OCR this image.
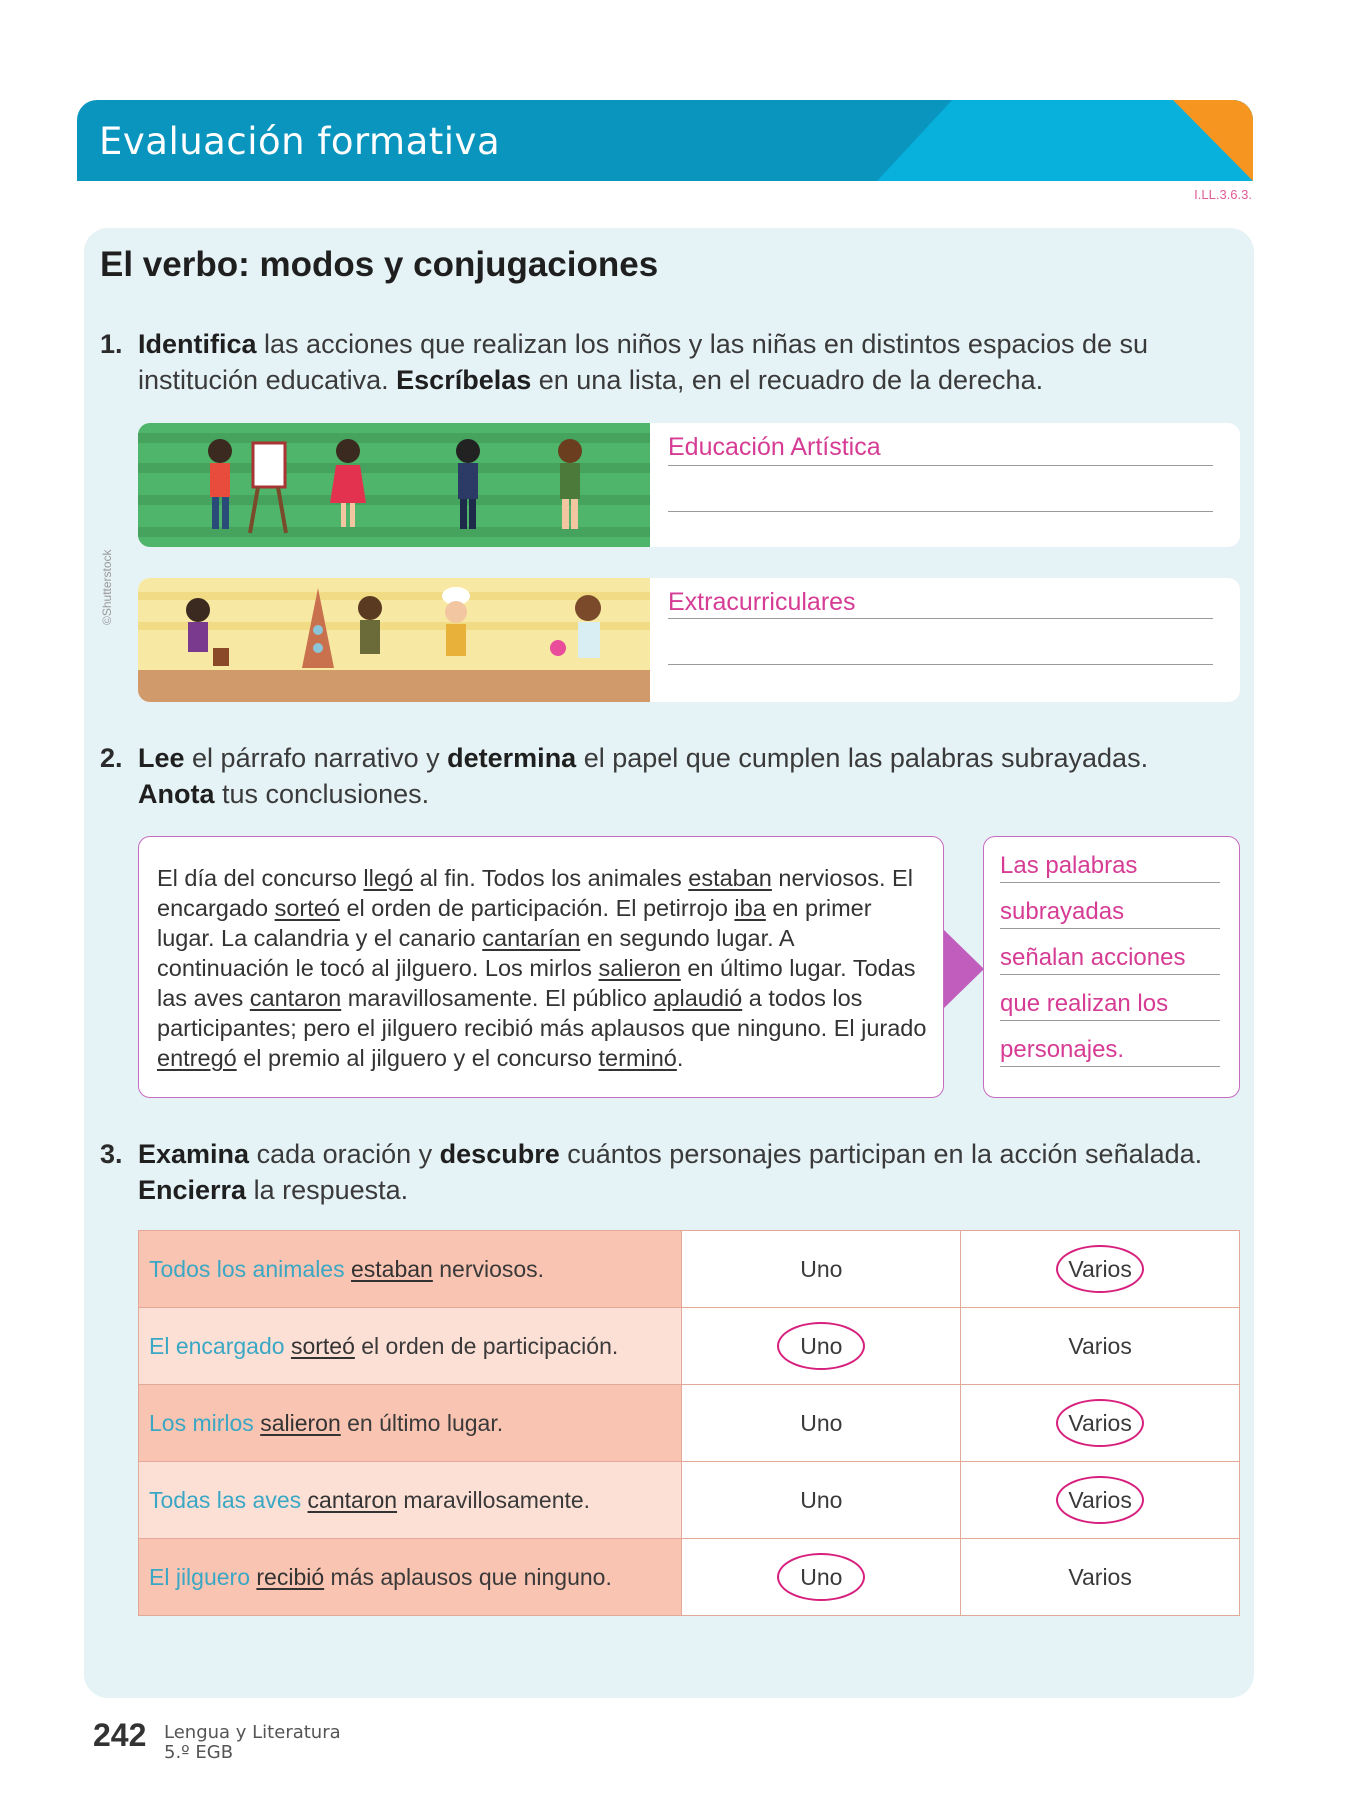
Evaluación formativa
DUA
Acción y expresión
I.LL.3.6.3.
El verbo: modos y conjugaciones
1. Identifica las acciones que realizan los niños y las niñas en distintos espacios de su institución educativa. Escríbelas en una lista, en el recuadro de la derecha.
Educación Artística
Extracurriculares
©Shutterstock
2. Lee el párrafo narrativo y determina el papel que cumplen las palabras subrayadas. Anota tus conclusiones.
El día del concurso llegó al fin. Todos los animales estaban nerviosos. El encargado sorteó el orden de participación. El petirrojo iba en primer lugar. La calandria y el canario cantarían en segundo lugar. A continuación le tocó al jilguero. Los mirlos salieron en último lugar. Todas las aves cantaron maravillosamente. El público aplaudió a todos los participantes; pero el jilguero recibió más aplausos que ninguno. El jurado entregó el premio al jilguero y el concurso terminó.
Las palabras
subrayadas
señalan acciones
que realizan los
personajes.
3. Examina cada oración y descubre cuántos personajes participan en la acción señalada. Encierra la respuesta.
Todos los animales estaban nerviosos.	Uno	Varios

El encargado sorteó el orden de participación.	Uno	Varios
Los mirlos salieron en último lugar.	Uno	Varios

Todas las aves cantaron maravillosamente.	Uno	Varios

El jilguero recibió más aplausos que ninguno.	Uno	Varios
242 Lengua y Literatura
5.º EGB
